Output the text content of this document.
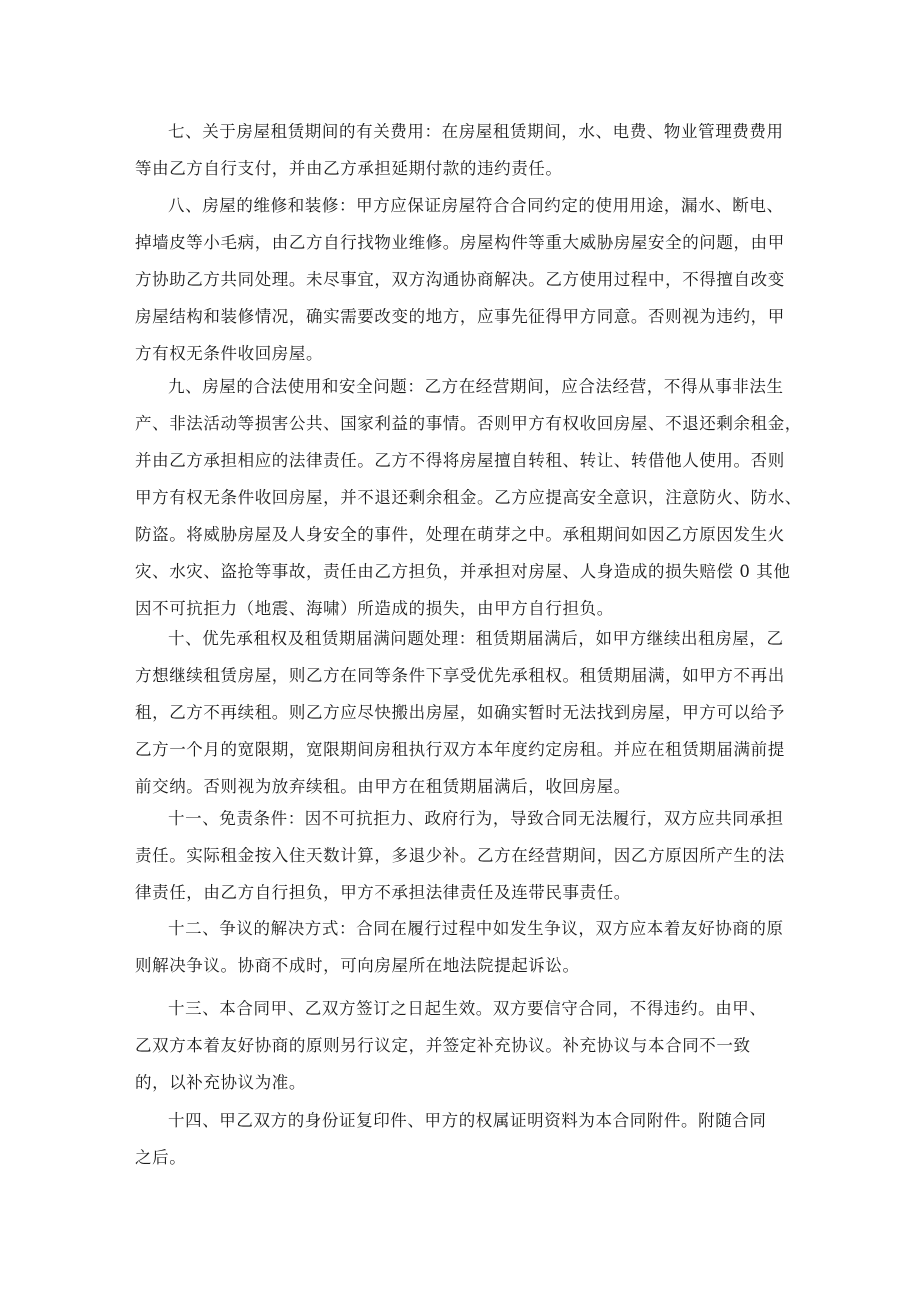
七、关于房屋租赁期间的有关费用：在房屋租赁期间，水、电费、物业管理费费用
等由乙方自行支付，并由乙方承担延期付款的违约责任。

八、房屋的维修和装修：甲方应保证房屋符合合同约定的使用用途，漏水、断电、
掉墙皮等小毛病，由乙方自行找物业维修。房屋构件等重大威胁房屋安全的问题，由甲
方协助乙方共同处理。未尽事宜，双方沟通协商解决。乙方使用过程中，不得擅自改变
房屋结构和装修情况，确实需要改变的地方，应事先征得甲方同意。否则视为违约，甲
方有权无条件收回房屋。

九、房屋的合法使用和安全问题：乙方在经营期间，应合法经营，不得从事非法生
产、非法活动等损害公共、国家利益的事情。否则甲方有权收回房屋、不退还剩余租金，
并由乙方承担相应的法律责任。乙方不得将房屋擅自转租、转让、转借他人使用。否则
甲方有权无条件收回房屋，并不退还剩余租金。乙方应提高安全意识，注意防火、防水、
防盗。将威胁房屋及人身安全的事件，处理在萌芽之中。承租期间如因乙方原因发生火
灾、水灾、盗抢等事故，责任由乙方担负，并承担对房屋、人身造成的损失赔偿 0 其他
因不可抗拒力（地震、海啸）所造成的损失，由甲方自行担负。

十、优先承租权及租赁期届满问题处理：租赁期届满后，如甲方继续出租房屋，乙
方想继续租赁房屋，则乙方在同等条件下享受优先承租权。租赁期届满，如甲方不再出
租，乙方不再续租。则乙方应尽快搬出房屋，如确实暂时无法找到房屋，甲方可以给予
乙方一个月的宽限期，宽限期间房租执行双方本年度约定房租。并应在租赁期届满前提
前交纳。否则视为放弃续租。由甲方在租赁期届满后，收回房屋。

十一、免责条件：因不可抗拒力、政府行为，导致合同无法履行，双方应共同承担
责任。实际租金按入住天数计算，多退少补。乙方在经营期间，因乙方原因所产生的法
律责任，由乙方自行担负，甲方不承担法律责任及连带民事责任。

十二、争议的解决方式：合同在履行过程中如发生争议，双方应本着友好协商的原
则解决争议。协商不成时，可向房屋所在地法院提起诉讼。

十三、本合同甲、乙双方签订之日起生效。双方要信守合同，不得违约。由甲、
乙双方本着友好协商的原则另行议定，并签定补充协议。补充协议与本合同不一致
的，以补充协议为准。

十四、甲乙双方的身份证复印件、甲方的权属证明资料为本合同附件。附随合同
之后。
